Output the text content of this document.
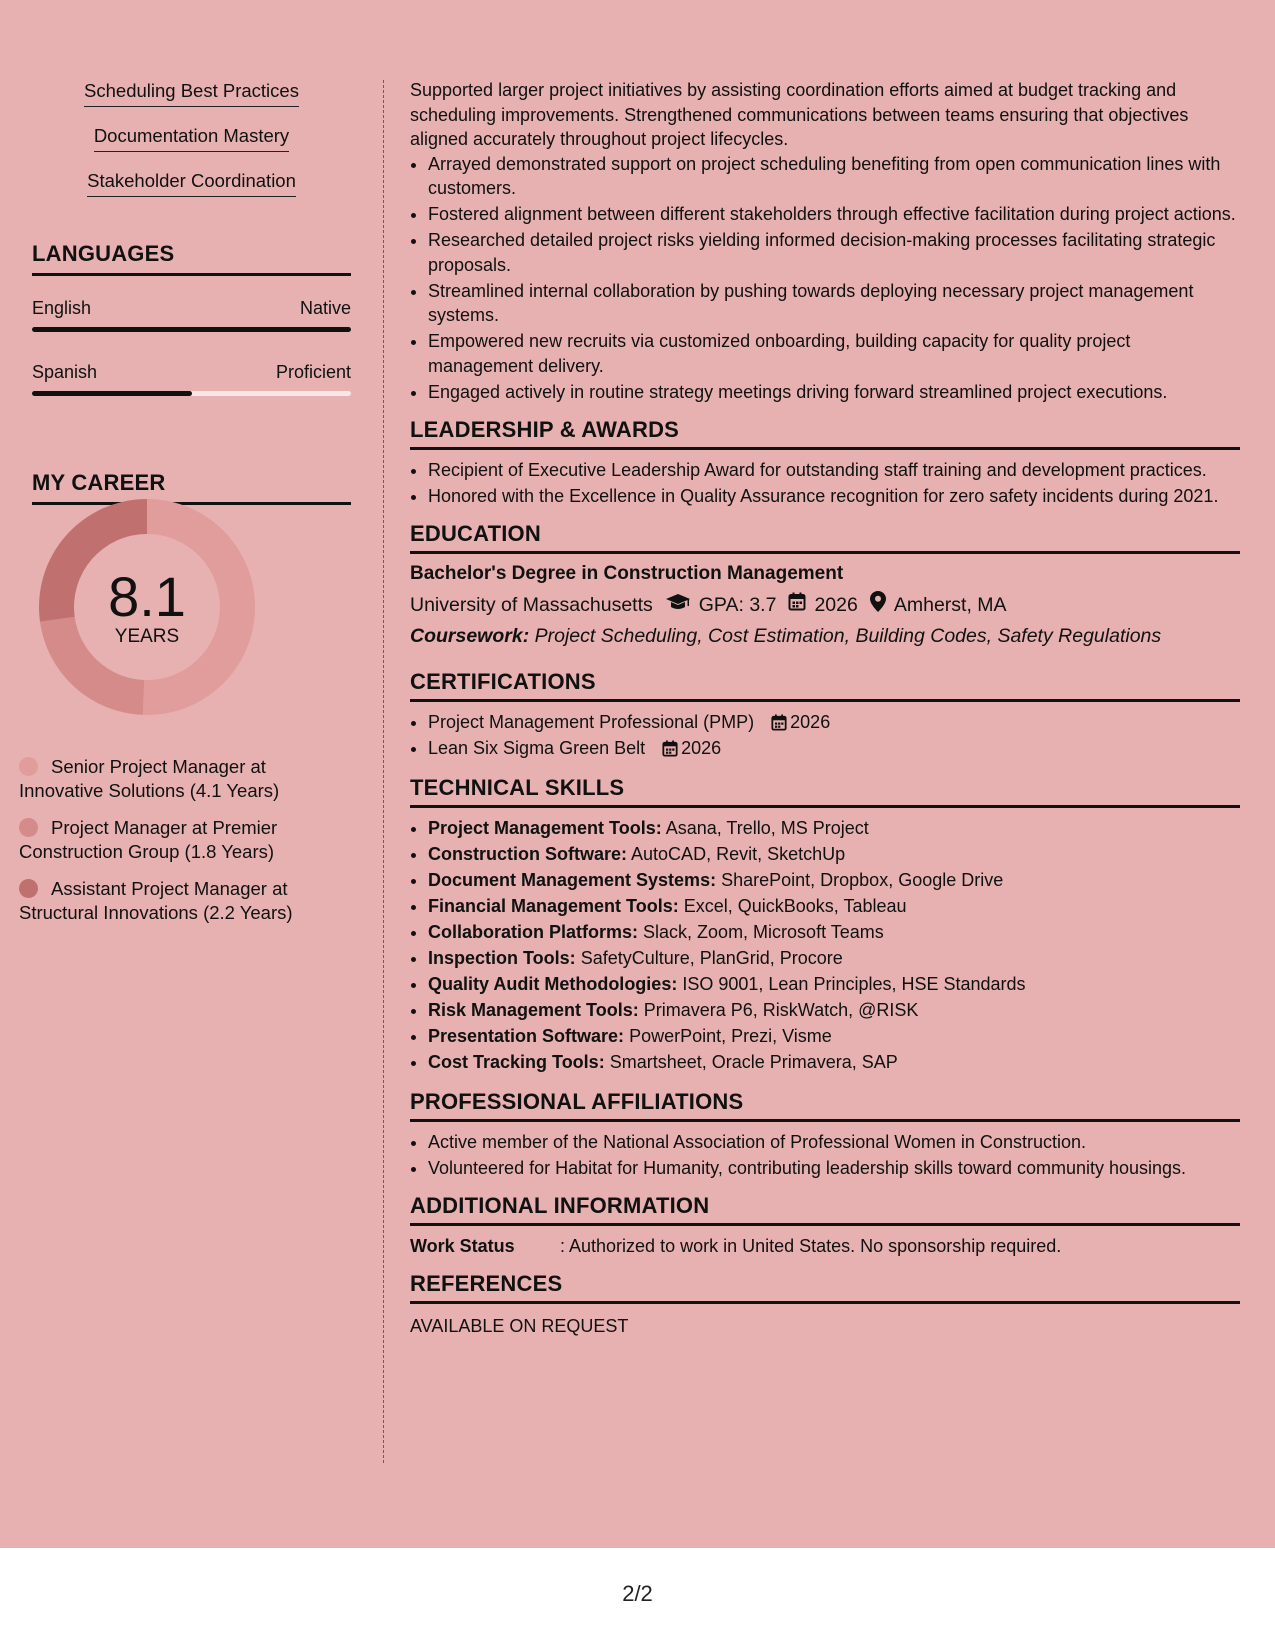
Scheduling Best Practices
Documentation Mastery
Stakeholder Coordination
LANGUAGES
English	Native
Spanish	Proficient
MY CAREER
8.1
YEARS
Senior Project Manager at Innovative Solutions (4.1 Years)
Project Manager at Premier Construction Group (1.8 Years)
Assistant Project Manager at Structural Innovations (2.2 Years)

Supported larger project initiatives by assisting coordination efforts aimed at budget tracking and scheduling improvements. Strengthened communications between teams ensuring that objectives aligned accurately throughout project lifecycles.

• Arrayed demonstrated support on project scheduling benefiting from open communication lines with customers.
• Fostered alignment between different stakeholders through effective facilitation during project actions.
• Researched detailed project risks yielding informed decision-making processes facilitating strategic proposals.
• Streamlined internal collaboration by pushing towards deploying necessary project management systems.
• Empowered new recruits via customized onboarding, building capacity for quality project management delivery.
• Engaged actively in routine strategy meetings driving forward streamlined project executions.
LEADERSHIP & AWARDS
• Recipient of Executive Leadership Award for outstanding staff training and development practices.
• Honored with the Excellence in Quality Assurance recognition for zero safety incidents during 2021.
EDUCATION
Bachelor's Degree in Construction Management
University of Massachusetts GPA: 3.7 2026 Amherst, MA
Coursework: Project Scheduling, Cost Estimation, Building Codes, Safety Regulations
CERTIFICATIONS
• Project Management Professional (PMP) 2026
• Lean Six Sigma Green Belt 2026
TECHNICAL SKILLS
• Project Management Tools: Asana, Trello, MS Project
• Construction Software: AutoCAD, Revit, SketchUp
• Document Management Systems: SharePoint, Dropbox, Google Drive
• Financial Management Tools: Excel, QuickBooks, Tableau
• Collaboration Platforms: Slack, Zoom, Microsoft Teams
• Inspection Tools: SafetyCulture, PlanGrid, Procore
• Quality Audit Methodologies: ISO 9001, Lean Principles, HSE Standards
• Risk Management Tools: Primavera P6, RiskWatch, @RISK
• Presentation Software: PowerPoint, Prezi, Visme
• Cost Tracking Tools: Smartsheet, Oracle Primavera, SAP
PROFESSIONAL AFFILIATIONS
• Active member of the National Association of Professional Women in Construction.
• Volunteered for Habitat for Humanity, contributing leadership skills toward community housings.
ADDITIONAL INFORMATION
Work Status	: Authorized to work in United States. No sponsorship required.
REFERENCES
AVAILABLE ON REQUEST
2/2
